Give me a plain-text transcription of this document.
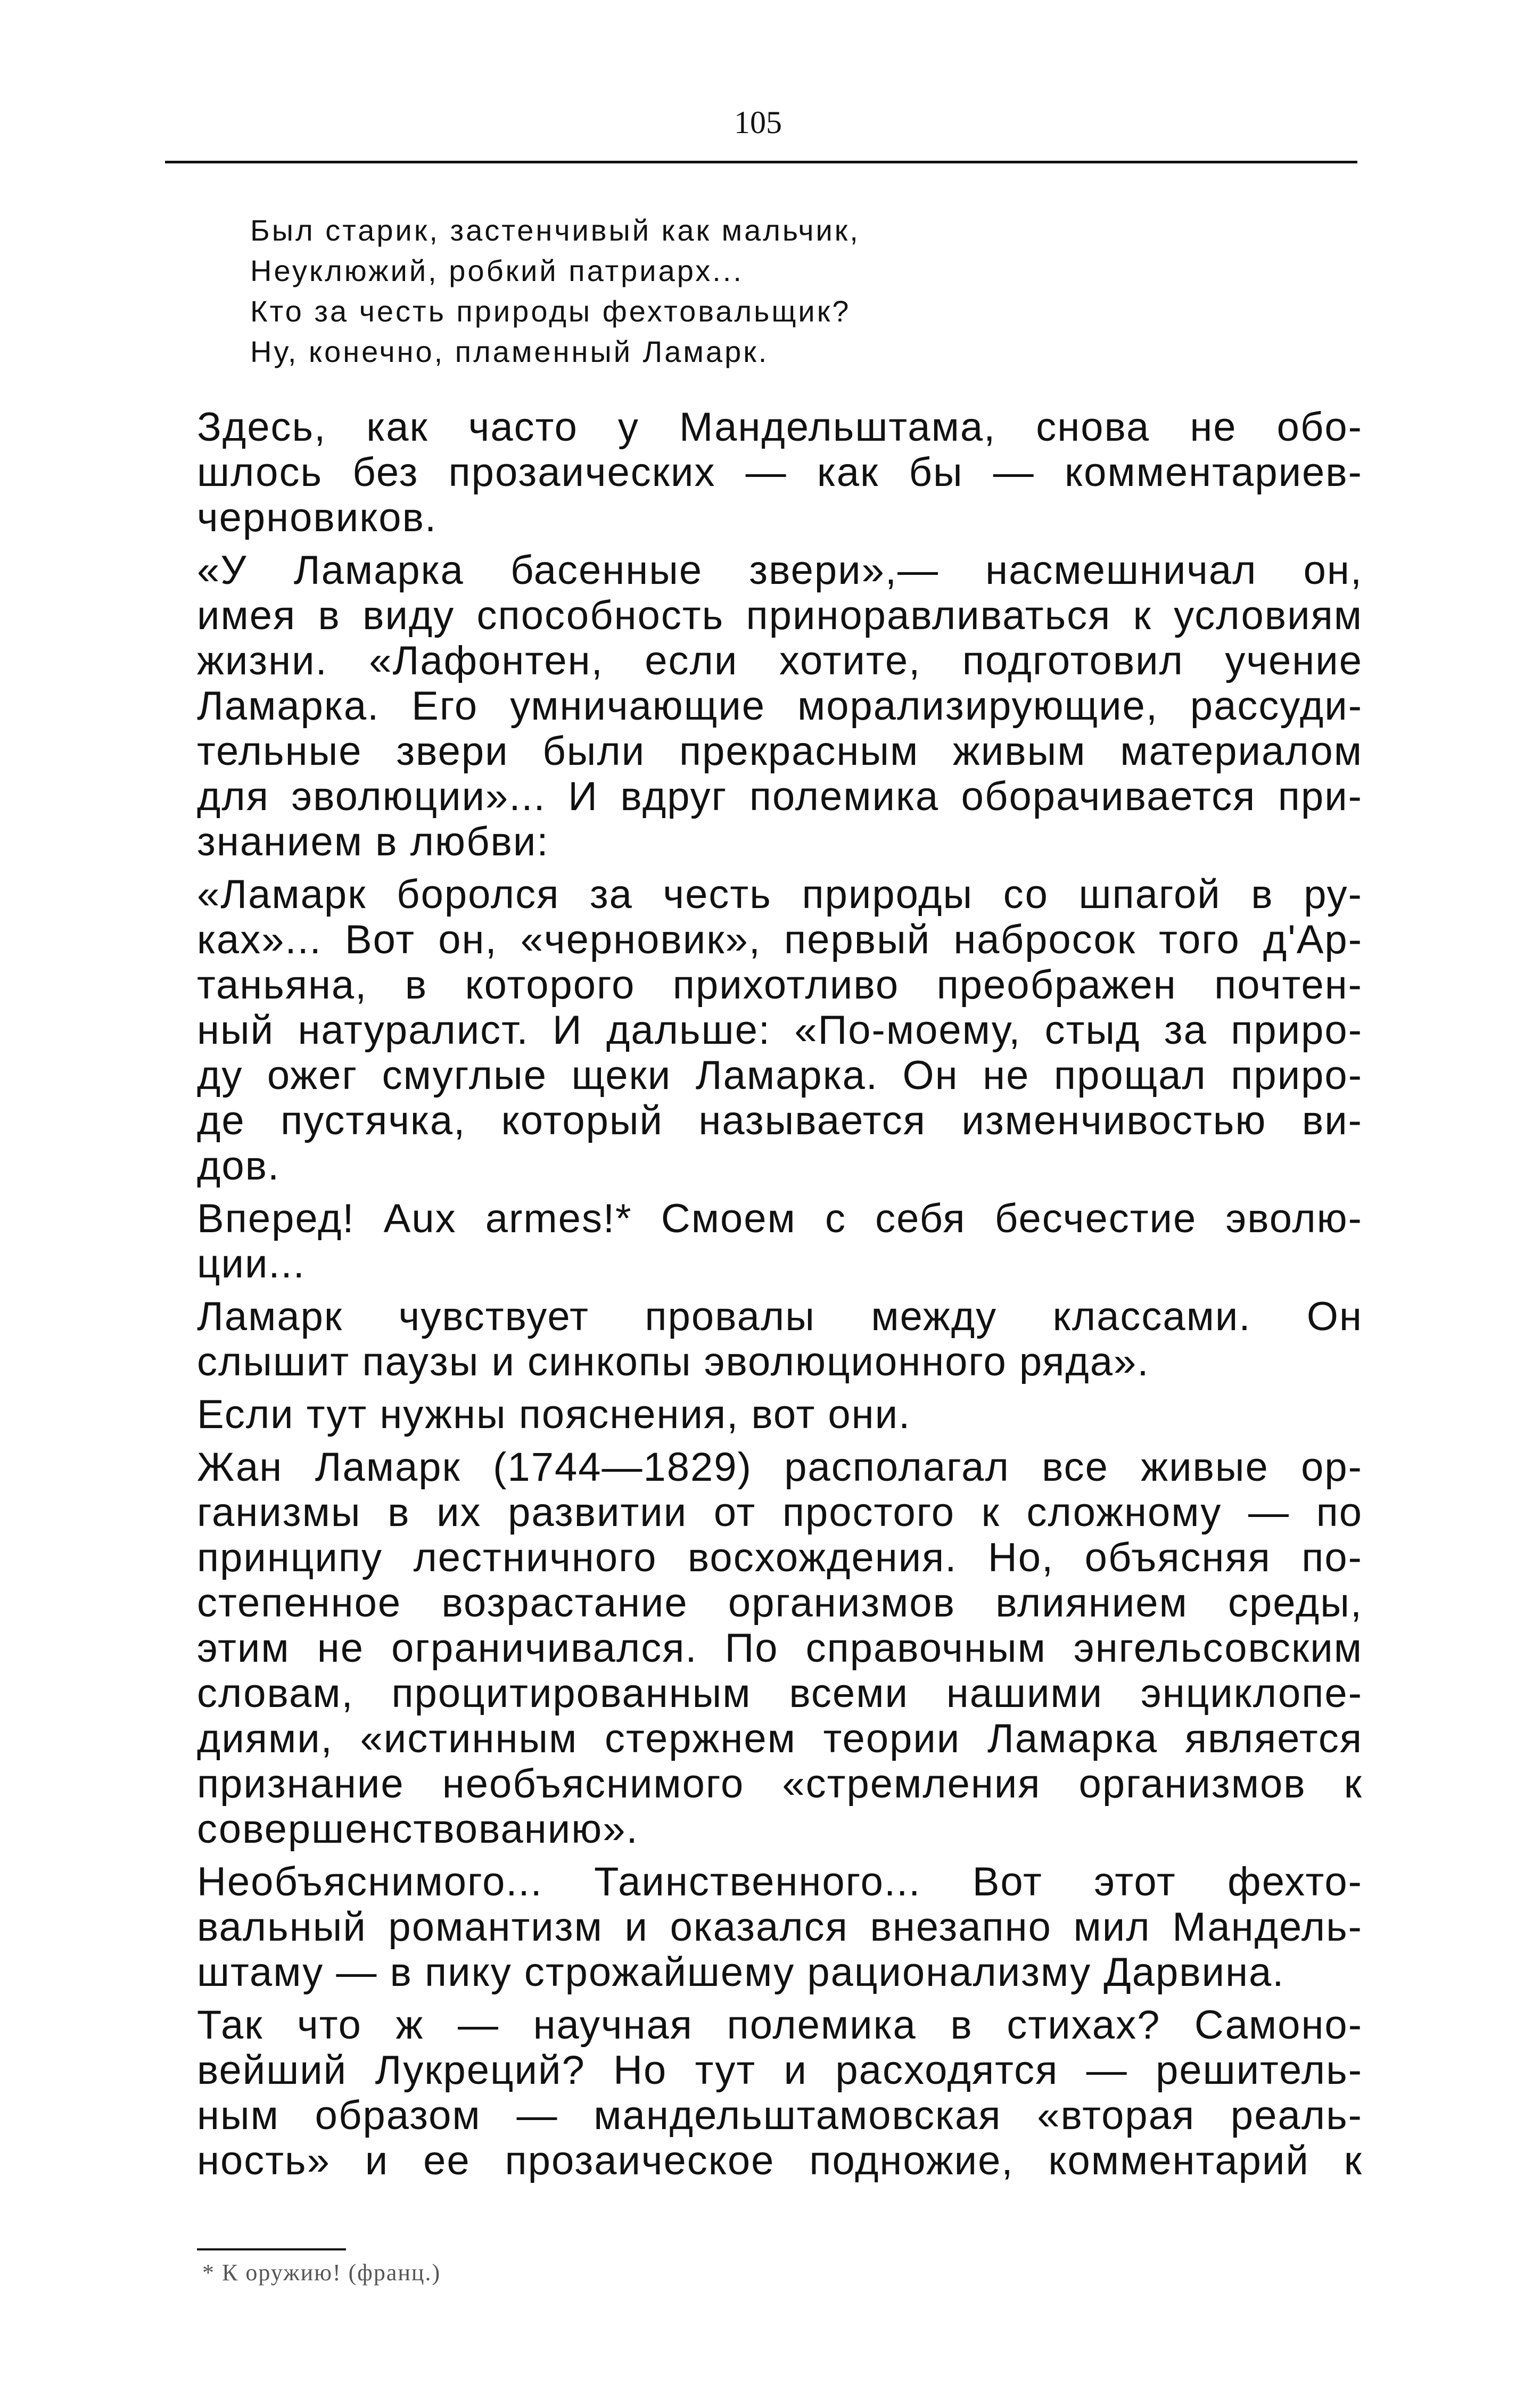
105
Был старик, застенчивый как мальчик,
Неуклюжий, робкий патриарх...
Кто за честь природы фехтовальщик?
Ну, конечно, пламенный Ламарк.
Здесь, как часто у Мандельштама, снова не обо-
шлось без прозаических — как бы — комментариев-
черновиков.
«У Ламарка басенные звери»,— насмешничал он,
имея в виду способность приноравливаться к условиям
жизни. «Лафонтен, если хотите, подготовил учение
Ламарка. Его умничающие морализирующие, рассуди-
тельные звери были прекрасным живым материалом
для эволюции»... И вдруг полемика оборачивается при-
знанием в любви:
«Ламарк боролся за честь природы со шпагой в ру-
ках»... Вот он, «черновик», первый набросок того д'Ар-
таньяна, в которого прихотливо преображен почтен-
ный натуралист. И дальше: «По-моему, стыд за приро-
ду ожег смуглые щеки Ламарка. Он не прощал приро-
де пустячка, который называется изменчивостью ви-
дов.
Вперед! Aux armes!* Смоем с себя бесчестие эволю-
ции...
Ламарк чувствует провалы между классами. Он
слышит паузы и синкопы эволюционного ряда».
Если тут нужны пояснения, вот они.
Жан Ламарк (1744—1829) располагал все живые ор-
ганизмы в их развитии от простого к сложному — по
принципу лестничного восхождения. Но, объясняя по-
степенное возрастание организмов влиянием среды,
этим не ограничивался. По справочным энгельсовским
словам, процитированным всеми нашими энциклопе-
диями, «истинным стержнем теории Ламарка является
признание необъяснимого «стремления организмов к
совершенствованию».
Необъяснимого... Таинственного... Вот этот фехто-
вальный романтизм и оказался внезапно мил Мандель-
штаму — в пику строжайшему рационализму Дарвина.
Так что ж — научная полемика в стихах? Самоно-
вейший Лукреций? Но тут и расходятся — решитель-
ным образом — мандельштамовская «вторая реаль-
ность» и ее прозаическое подножие, комментарий к
* К оружию! (франц.)
